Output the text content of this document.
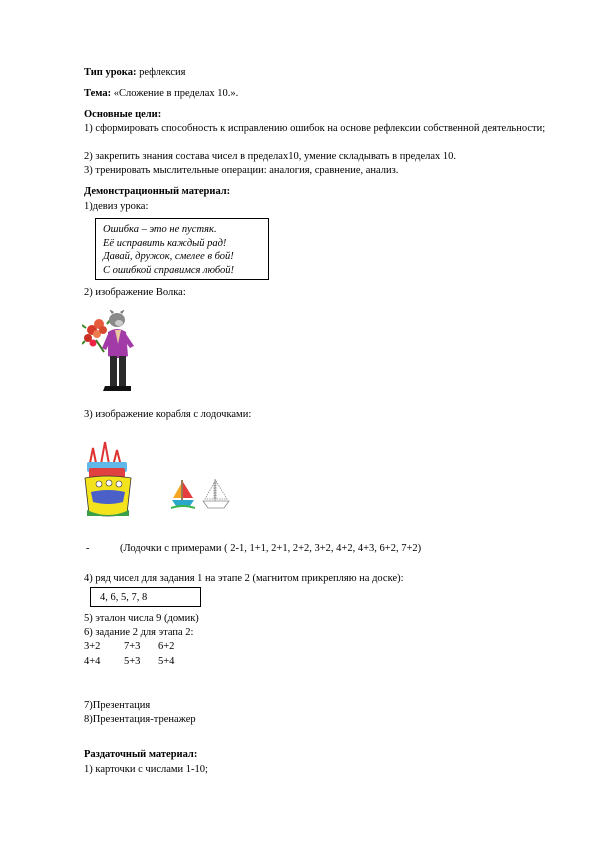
Тип урока: рефлексия
Тема: «Сложение в пределах 10.».
Основные цели:
1) сформировать способность к исправлению ошибок на основе рефлексии собственной деятельности;
2) закрепить знания состава чисел в пределах10, умение складывать в пределах 10.
3) тренировать мыслительные операции: аналогия, сравнение, анализ.
Демонстрационный материал:
1)девиз урока:
Ошибка – это не пустяк.
Её исправить каждый рад!
Давай, дружок, смелее в бой!
С ошибкой справимся любой!
2) изображение Волка:
3) изображение корабля с лодочками:
-	(Лодочки с примерами ( 2-1, 1+1, 2+1, 2+2, 3+2, 4+2, 4+3, 6+2, 7+2)
4) ряд чисел для задания 1 на этапе 2 (магнитом прикрепляю на доске):
4, 6, 5, 7, 8
5) эталон числа 9 (домик)
6) задание 2 для этапа 2:
3+2 7+3 6+2
4+4 5+3 5+4
7)Презентация
8)Презентация-тренажер
Раздаточный материал:
1) карточки с числами 1-10;
